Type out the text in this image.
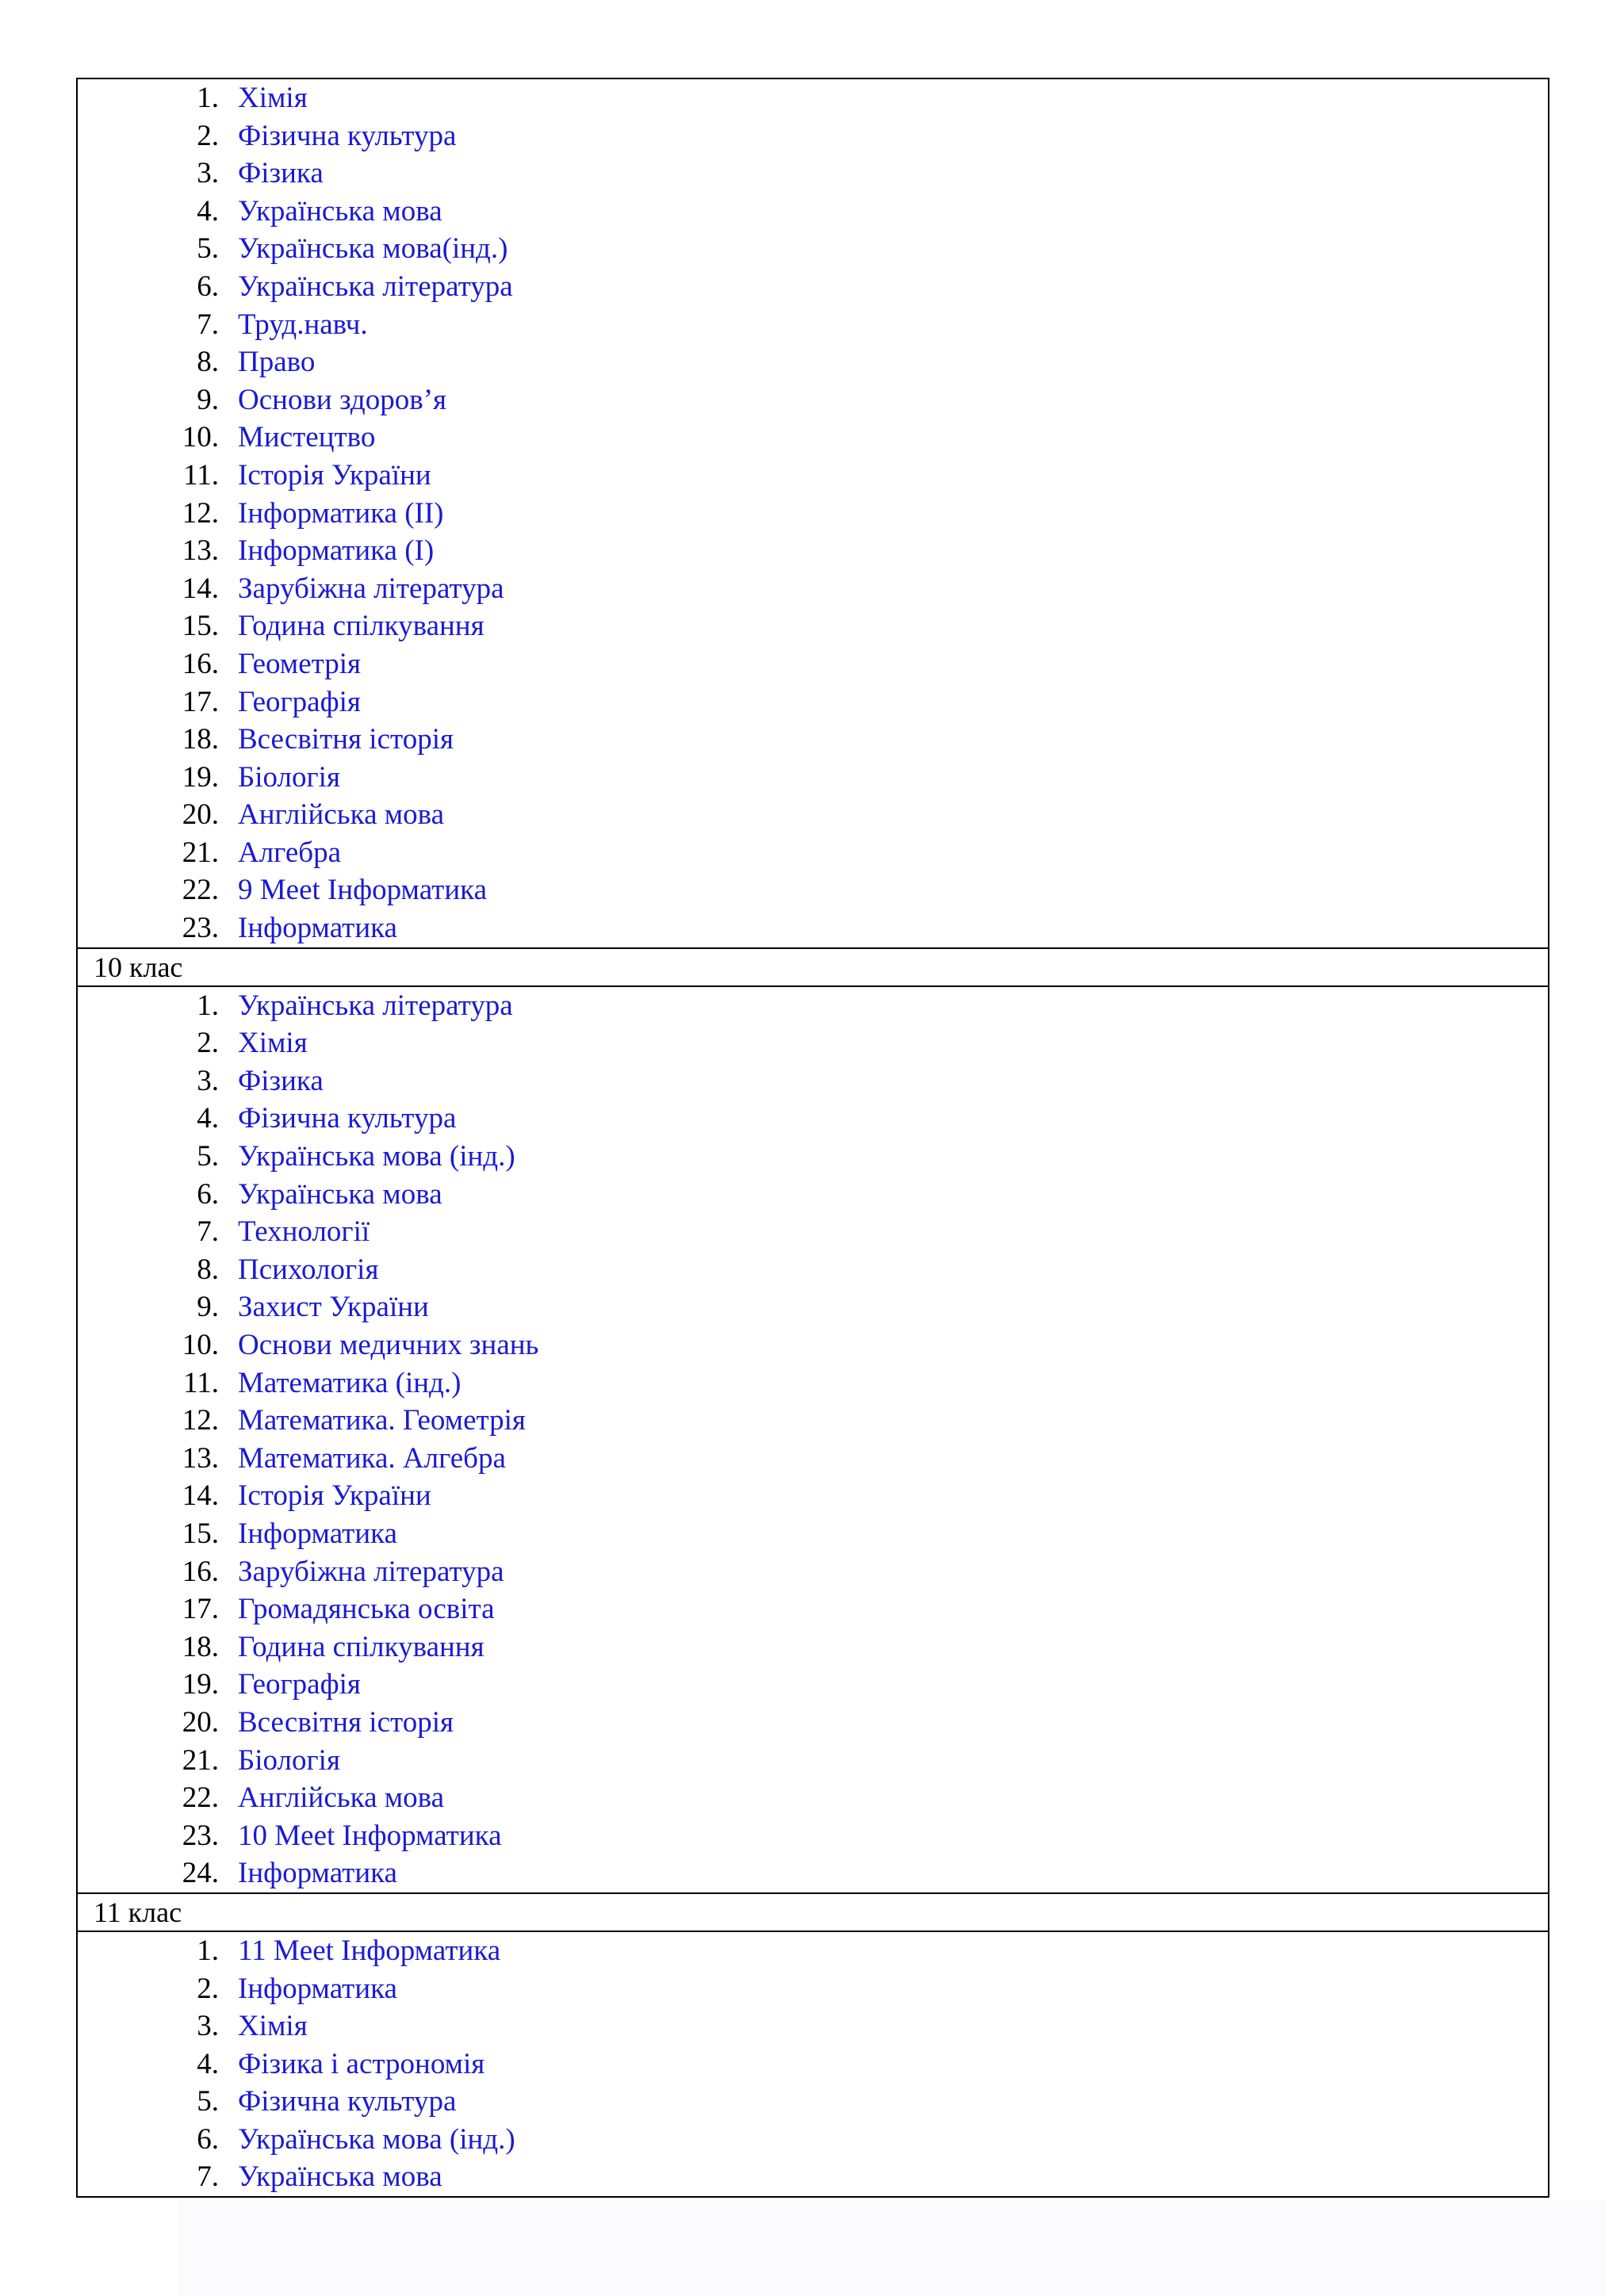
1. Хімія
2. Фізична культура
3. Фізика
4. Українська мова
5. Українська мова(інд.)
6. Українська література
7. Труд.навч.
8. Право
9. Основи здоров’я
10. Мистецтво
11. Історія України
12. Інформатика (II)
13. Інформатика (I)
14. Зарубіжна література
15. Година спілкування
16. Геометрія
17. Географія
18. Всесвітня історія
19. Біологія
20. Англійська мова
21. Алгебра
22. 9 Meet Інформатика
23. Інформатика

10 клас

1. Українська література
2. Хімія
3. Фізика
4. Фізична культура
5. Українська мова (інд.)
6. Українська мова
7. Технології
8. Психологія
9. Захист України
10. Основи медичних знань
11. Математика (інд.)
12. Математика. Геометрія
13. Математика. Алгебра
14. Історія України
15. Інформатика
16. Зарубіжна література
17. Громадянська освіта
18. Година спілкування
19. Географія
20. Всесвітня історія
21. Біологія
22. Англійська мова
23. 10 Meet Інформатика
24. Інформатика

11 клас

1. 11 Meet Інформатика
2. Інформатика
3. Хімія
4. Фізика і астрономія
5. Фізична культура
6. Українська мова (інд.)
7. Українська мова
